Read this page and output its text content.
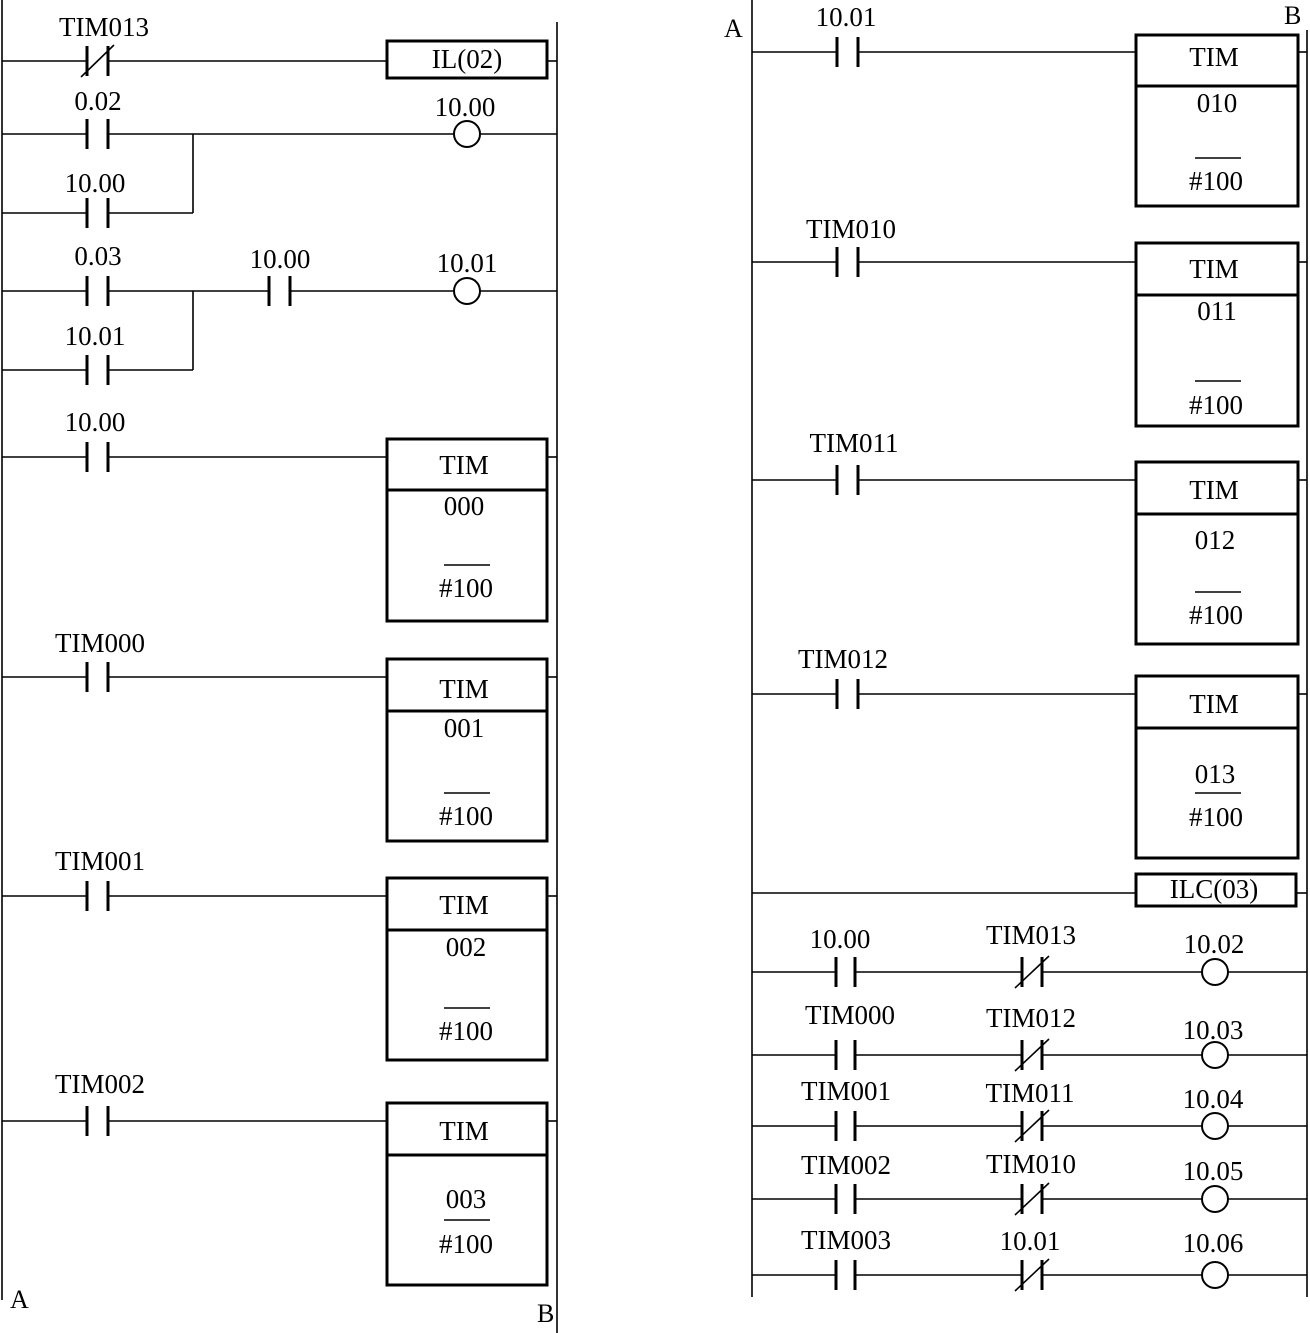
A	B
TIM013
IL(02)
0.02
10.00
10.00
0.03
10.01
10.00	10.01
10.00
TIM
000
#100
TIM000
TIM
001
#100
TIM001
TIM
002
#100
TIM002
TIM
003
#100
A	B
10.01
TIM
010
#100
TIM010
TIM
011
#100
TIM011
TIM
012
#100
TIM012
TIM
013
#100
ILC(03)
10.00	TIM013	10.02
TIM000	TIM012	10.03
TIM001	TIM011	10.04
TIM002	TIM010	10.05
TIM003	10.01	10.06
